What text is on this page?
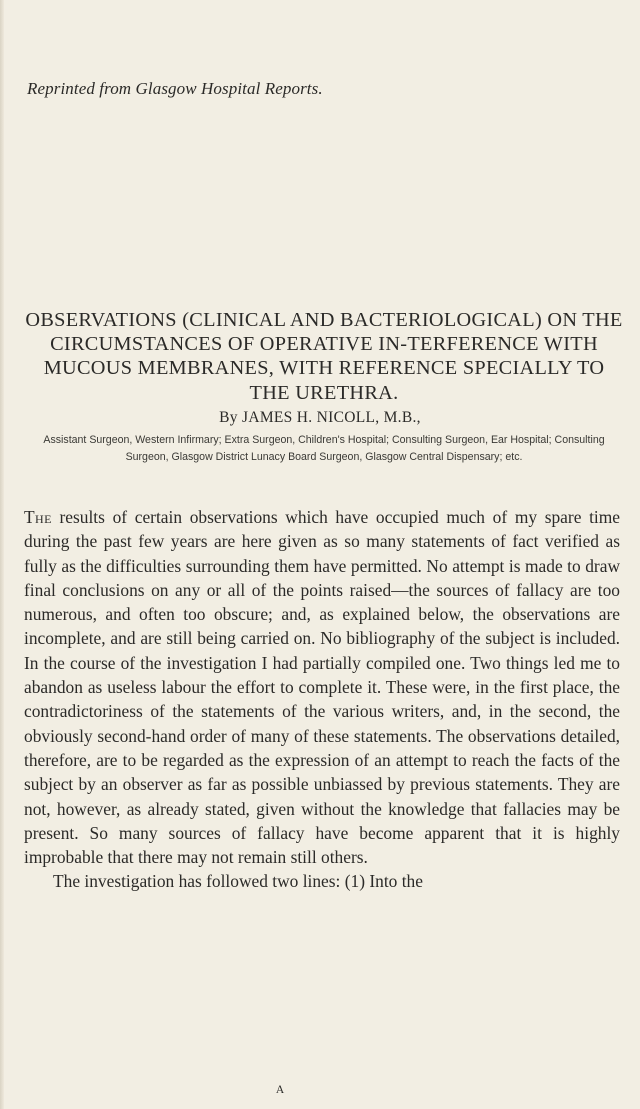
Reprinted from Glasgow Hospital Reports.
OBSERVATIONS (CLINICAL AND BACTERIOLOGICAL) ON THE CIRCUMSTANCES OF OPERATIVE IN-TERFERENCE WITH MUCOUS MEMBRANES, WITH REFERENCE SPECIALLY TO THE URETHRA.
By JAMES H. NICOLL, M.B.,

Assistant Surgeon, Western Infirmary; Extra Surgeon, Children's Hospital; Consulting Surgeon, Ear Hospital; Consulting Surgeon, Glasgow District Lunacy Board Surgeon, Glasgow Central Dispensary; etc.

The results of certain observations which have occupied much of my spare time during the past few years are here given as so many statements of fact verified as fully as the difficulties surrounding them have permitted. No attempt is made to draw final conclusions on any or all of the points raised—the sources of fallacy are too numerous, and often too obscure; and, as explained below, the observations are incomplete, and are still being carried on. No bibliography of the subject is included. In the course of the investigation I had partially compiled one. Two things led me to abandon as useless labour the effort to complete it. These were, in the first place, the contradictoriness of the statements of the various writers, and, in the second, the obviously second-hand order of many of these statements. The observations detailed, therefore, are to be regarded as the expression of an attempt to reach the facts of the subject by an observer as far as possible unbiassed by previous statements. They are not, however, as already stated, given without the knowledge that fallacies may be present. So many sources of fallacy have become apparent that it is highly improbable that there may not remain still others.
The investigation has followed two lines: (1) Into the

A
